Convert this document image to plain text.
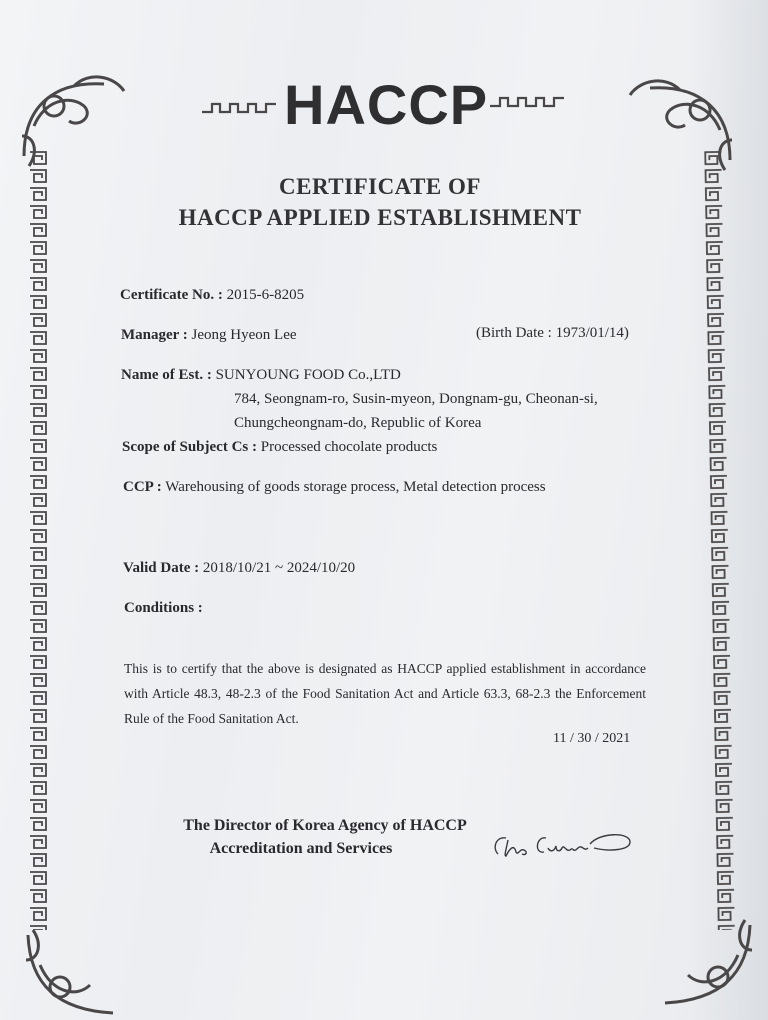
HACCP
CERTIFICATE OF
HACCP APPLIED ESTABLISHMENT
Certificate No. : 2015-6-8205
Manager : Jeong Hyeon Lee	(Birth Date : 1973/01/14)
Name of Est. : SUNYOUNG FOOD Co.,LTD
784, Seongnam-ro, Susin-myeon, Dongnam-gu, Cheonan-si,
Chungcheongnam-do, Republic of Korea
Scope of Subject Cs : Processed chocolate products
CCP : Warehousing of goods storage process, Metal detection process
Valid Date : 2018/10/21 ~ 2024/10/20
Conditions :
This is to certify that the above is designated as HACCP applied establishment in accordance with Article 48.3, 48-2.3 of the Food Sanitation Act and Article 63.3, 68-2.3 the Enforcement Rule of the Food Sanitation Act.
11 / 30 / 2021
The Director of Korea Agency of HACCP
Accreditation and Services
